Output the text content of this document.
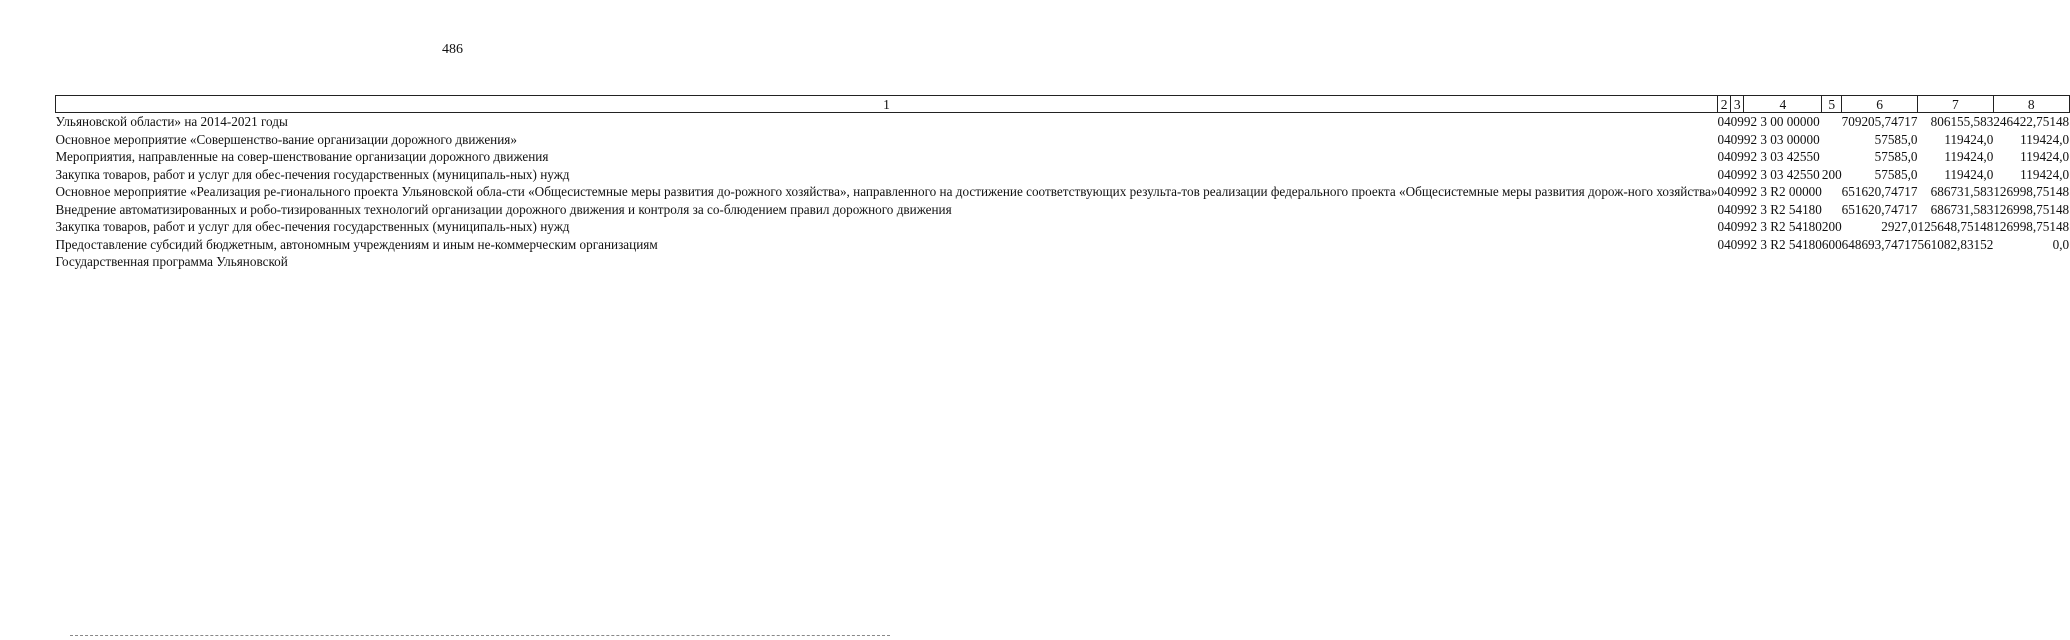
486
1	2	3	4	5	6	7	8
Ульяновской области» на 2014-2021 годы	04	09	92 3 00 00000		709205,74717	806155,583	246422,75148
Основное мероприятие «Совершенство-вание организации дорожного движения»	04	09	92 3 03 00000		57585,0	119424,0	119424,0
Мероприятия, направленные на совер-шенствование организации дорожного движения	04	09	92 3 03 42550		57585,0	119424,0	119424,0
Закупка товаров, работ и услуг для обес-печения государственных (муниципаль-ных) нужд	04	09	92 3 03 42550	200	57585,0	119424,0	119424,0
Основное мероприятие «Реализация ре-гионального проекта Ульяновской обла-сти «Общесистемные меры развития до-рожного хозяйства», направленного на достижение соответствующих результа-тов реализации федерального проекта «Общесистемные меры развития дорож-ного хозяйства»	04	09	92 3 R2 00000		651620,74717	686731,583	126998,75148
Внедрение автоматизированных и робо-тизированных технологий организации дорожного движения и контроля за со-блюдением правил дорожного движения	04	09	92 3 R2 54180		651620,74717	686731,583	126998,75148
Закупка товаров, работ и услуг для обес-печения государственных (муниципаль-ных) нужд	04	09	92 3 R2 54180	200	2927,0	125648,75148	126998,75148
Предоставление субсидий бюджетным, автономным учреждениям и иным не-коммерческим организациям	04	09	92 3 R2 54180	600	648693,74717	561082,83152	0,0
Государственная программа Ульяновской							
